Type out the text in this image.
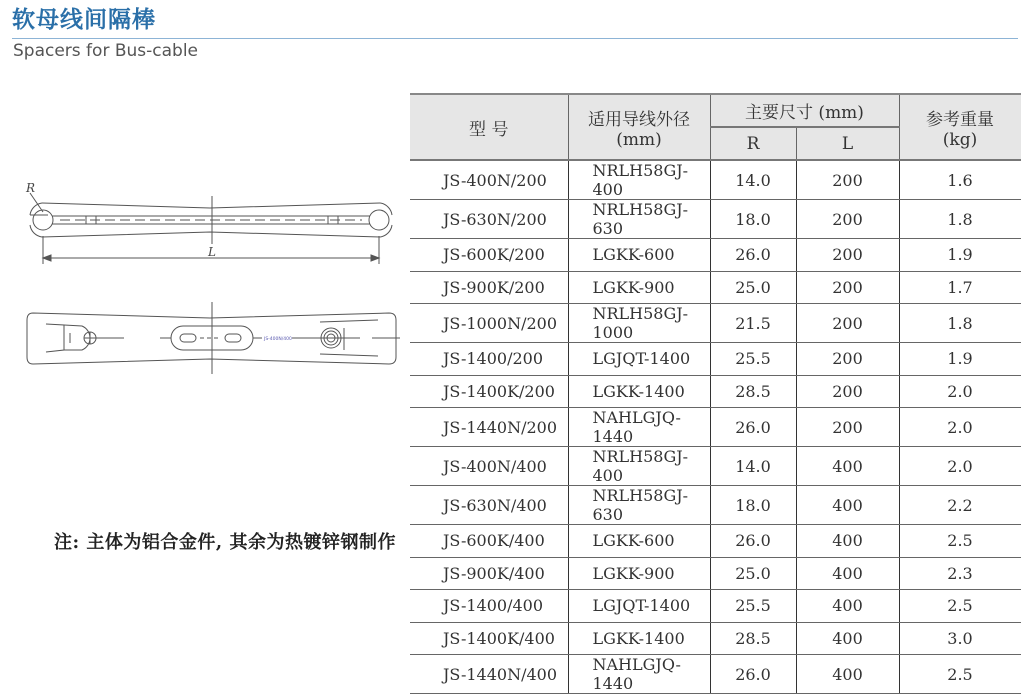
软母线间隔棒
Spacers for Bus-cable
R
L
JS-400N/400
注: 主体为铝合金件, 其余为热镀锌钢制作
型 号	适用导线外径
(mm)
	主要尺寸 (mm)	参考重量
(kg)

		R	L	
JS-400N/200	NRLH58GJ-400	14.0	200	1.6
JS-630N/200	NRLH58GJ-630	18.0	200	1.8
JS-600K/200	LGKK-600	26.0	200	1.9
JS-900K/200	LGKK-900	25.0	200	1.7
JS-1000N/200	NRLH58GJ-1000	21.5	200	1.8
JS-1400/200	LGJQT-1400	25.5	200	1.9
JS-1400K/200	LGKK-1400	28.5	200	2.0
JS-1440N/200	NAHLGJQ-1440	26.0	200	2.0
JS-400N/400	NRLH58GJ-400	14.0	400	2.0
JS-630N/400	NRLH58GJ-630	18.0	400	2.2
JS-600K/400	LGKK-600	26.0	400	2.5
JS-900K/400	LGKK-900	25.0	400	2.3
JS-1400/400	LGJQT-1400	25.5	400	2.5
JS-1400K/400	LGKK-1400	28.5	400	3.0
JS-1440N/400	NAHLGJQ-1440	26.0	400	2.5
